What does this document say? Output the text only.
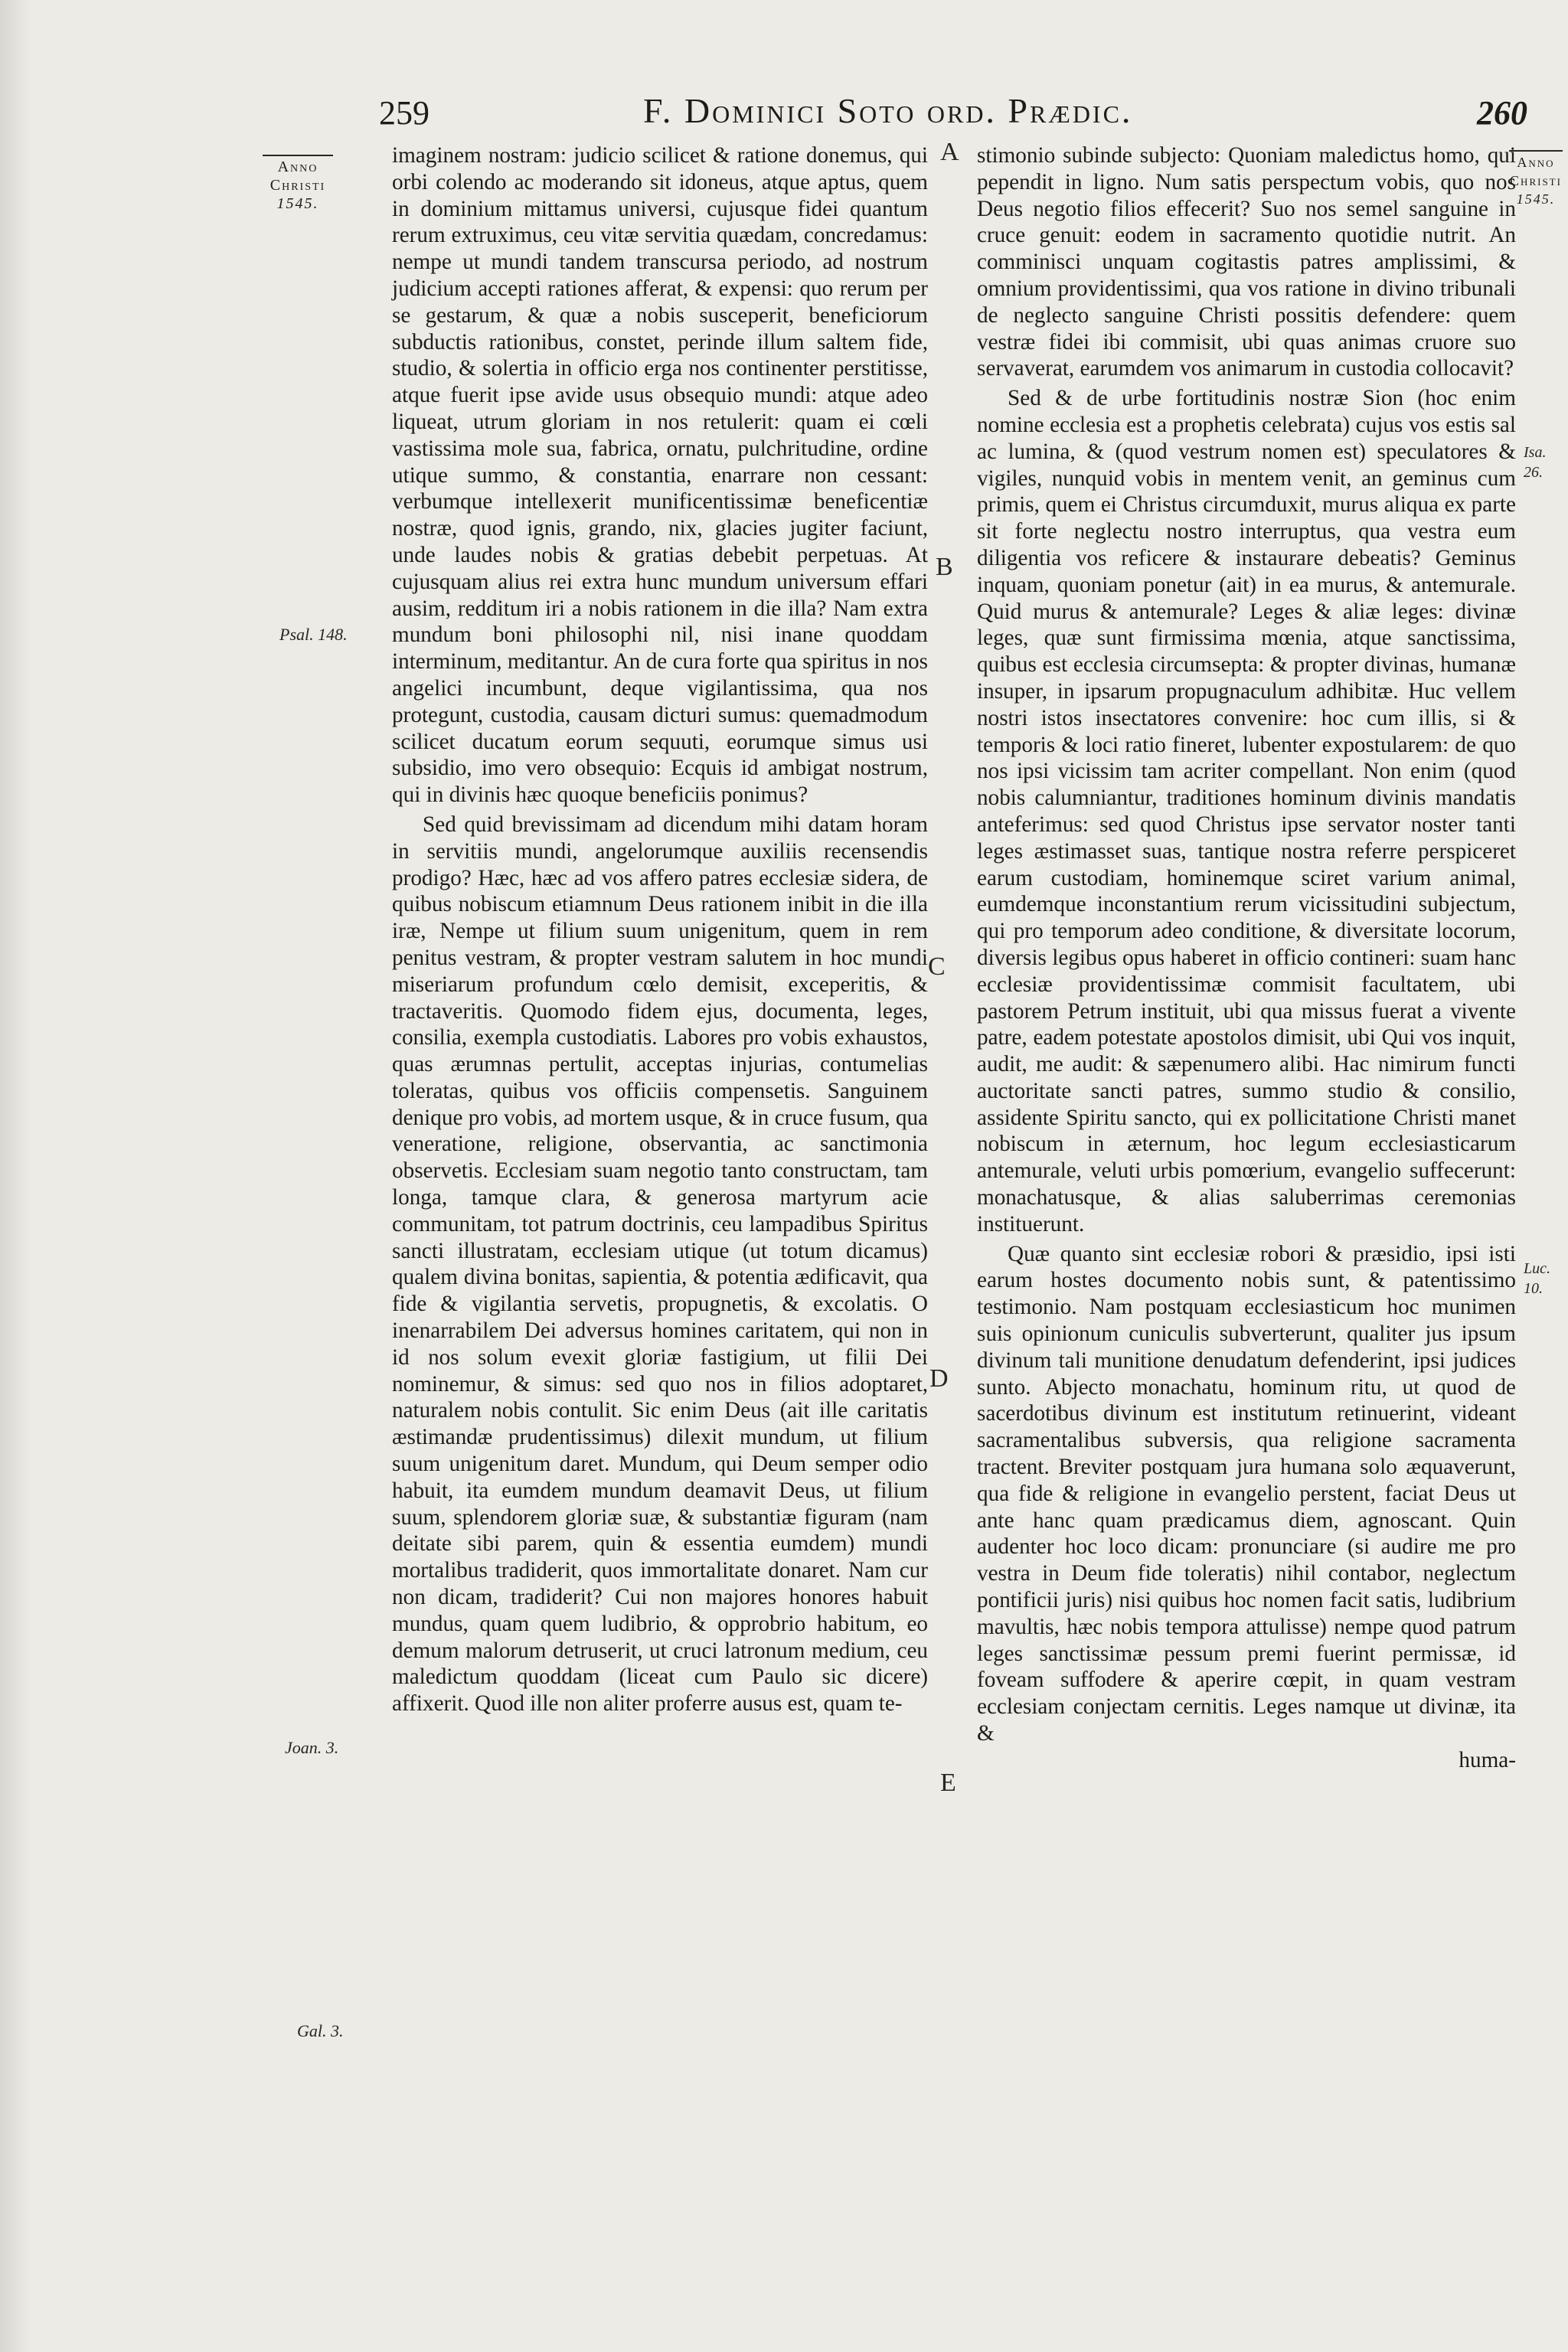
259	F. Dominici Soto ord. Prædic.	260
Anno
Christi
1545.
Anno
Christi
1545.
Psal. 148.
Joan. 3.
Gal. 3.
Isa. 26.
Luc. 10.
A
B
C
D
E

imaginem nostram: judicio scilicet & ratione donemus, qui orbi colendo ac moderando sit idoneus, atque aptus, quem in dominium mittamus universi, cujusque fidei quantum rerum extruximus, ceu vitæ servitia quædam, concredamus: nempe ut mundi tandem transcursa periodo, ad nostrum judicium accepti rationes afferat, & expensi: quo rerum per se gestarum, & quæ a nobis susceperit, beneficiorum subductis rationibus, constet, perinde illum saltem fide, studio, & solertia in officio erga nos continenter perstitisse, atque fuerit ipse avide usus obsequio mundi: atque adeo liqueat, utrum gloriam in nos retulerit: quam ei cœli vastissima mole sua, fabrica, ornatu, pulchritudine, ordine utique summo, & constantia, enarrare non cessant: verbumque intellexerit munificentissimæ beneficentiæ nostræ, quod ignis, grando, nix, glacies jugiter faciunt, unde laudes nobis & gratias debebit perpetuas. At cujusquam alius rei extra hunc mundum universum effari ausim, redditum iri a nobis rationem in die illa? Nam extra mundum boni philosophi nil, nisi inane quoddam interminum, meditantur. An de cura forte qua spiritus in nos angelici incumbunt, deque vigilantissima, qua nos protegunt, custodia, causam dicturi sumus: quemadmodum scilicet ducatum eorum sequuti, eorumque simus usi subsidio, imo vero obsequio: Ecquis id ambigat nostrum, qui in divinis hæc quoque beneficiis ponimus?

Sed quid brevissimam ad dicendum mihi datam horam in servitiis mundi, angelorumque auxiliis recensendis prodigo? Hæc, hæc ad vos affero patres ecclesiæ sidera, de quibus nobiscum etiamnum Deus rationem inibit in die illa iræ, Nempe ut filium suum unigenitum, quem in rem penitus vestram, & propter vestram salutem in hoc mundi miseriarum profundum cœlo demisit, exceperitis, & tractaveritis. Quomodo fidem ejus, documenta, leges, consilia, exempla custodiatis. Labores pro vobis exhaustos, quas ærumnas pertulit, acceptas injurias, contumelias toleratas, quibus vos officiis compensetis. Sanguinem denique pro vobis, ad mortem usque, & in cruce fusum, qua veneratione, religione, observantia, ac sanctimonia observetis. Ecclesiam suam negotio tanto constructam, tam longa, tamque clara, & generosa martyrum acie communitam, tot patrum doctrinis, ceu lampadibus Spiritus sancti illustratam, ecclesiam utique (ut totum dicamus) qualem divina bonitas, sapientia, & potentia ædificavit, qua fide & vigilantia servetis, propugnetis, & excolatis. O inenarrabilem Dei adversus homines caritatem, qui non in id nos solum evexit gloriæ fastigium, ut filii Dei nominemur, & simus: sed quo nos in filios adoptaret, naturalem nobis contulit. Sic enim Deus (ait ille caritatis æstimandæ prudentissimus) dilexit mundum, ut filium suum unigenitum daret. Mundum, qui Deum semper odio habuit, ita eumdem mundum deamavit Deus, ut filium suum, splendorem gloriæ suæ, & substantiæ figuram (nam deitate sibi parem, quin & essentia eumdem) mundi mortalibus tradiderit, quos immortalitate donaret. Nam cur non dicam, tradiderit? Cui non majores honores habuit mundus, quam quem ludibrio, & opprobrio habitum, eo demum malorum detruserit, ut cruci latronum medium, ceu maledictum quoddam (liceat cum Paulo sic dicere) affixerit. Quod ille non aliter proferre ausus est, quam te-

stimonio subinde subjecto: Quoniam maledictus homo, qui pependit in ligno. Num satis perspectum vobis, quo nos Deus negotio filios effecerit? Suo nos semel sanguine in cruce genuit: eodem in sacramento quotidie nutrit. An comminisci unquam cogitastis patres amplissimi, & omnium providentissimi, qua vos ratione in divino tribunali de neglecto sanguine Christi possitis defendere: quem vestræ fidei ibi commisit, ubi quas animas cruore suo servaverat, earumdem vos animarum in custodia collocavit?

Sed & de urbe fortitudinis nostræ Sion (hoc enim nomine ecclesia est a prophetis celebrata) cujus vos estis sal ac lumina, & (quod vestrum nomen est) speculatores & vigiles, nunquid vobis in mentem venit, an geminus cum primis, quem ei Christus circumduxit, murus aliqua ex parte sit forte neglectu nostro interruptus, qua vestra eum diligentia vos reficere & instaurare debeatis? Geminus inquam, quoniam ponetur (ait) in ea murus, & antemurale. Quid murus & antemurale? Leges & aliæ leges: divinæ leges, quæ sunt firmissima mœnia, atque sanctissima, quibus est ecclesia circumsepta: & propter divinas, humanæ insuper, in ipsarum propugnaculum adhibitæ. Huc vellem nostri istos insectatores convenire: hoc cum illis, si & temporis & loci ratio fineret, lubenter expostularem: de quo nos ipsi vicissim tam acriter compellant. Non enim (quod nobis calumniantur, traditiones hominum divinis mandatis anteferimus: sed quod Christus ipse servator noster tanti leges æstimasset suas, tantique nostra referre perspiceret earum custodiam, hominemque sciret varium animal, eumdemque inconstantium rerum vicissitudini subjectum, qui pro temporum adeo conditione, & diversitate locorum, diversis legibus opus haberet in officio contineri: suam hanc ecclesiæ providentissimæ commisit facultatem, ubi pastorem Petrum instituit, ubi qua missus fuerat a vivente patre, eadem potestate apostolos dimisit, ubi Qui vos inquit, audit, me audit: & sæpenumero alibi. Hac nimirum functi auctoritate sancti patres, summo studio & consilio, assidente Spiritu sancto, qui ex pollicitatione Christi manet nobiscum in æternum, hoc legum ecclesiasticarum antemurale, veluti urbis pomœrium, evangelio suffecerunt: monachatusque, & alias saluberrimas ceremonias instituerunt.

Quæ quanto sint ecclesiæ robori & præsidio, ipsi isti earum hostes documento nobis sunt, & patentissimo testimonio. Nam postquam ecclesiasticum hoc munimen suis opinionum cuniculis subverterunt, qualiter jus ipsum divinum tali munitione denudatum defenderint, ipsi judices sunto. Abjecto monachatu, hominum ritu, ut quod de sacerdotibus divinum est institutum retinuerint, videant sacramentalibus subversis, qua religione sacramenta tractent. Breviter postquam jura humana solo æquaverunt, qua fide & religione in evangelio perstent, faciat Deus ut ante hanc quam prædicamus diem, agnoscant. Quin audenter hoc loco dicam: pronunciare (si audire me pro vestra in Deum fide toleratis) nihil contabor, neglectum pontificii juris) nisi quibus hoc nomen facit satis, ludibrium mavultis, hæc nobis tempora attulisse) nempe quod patrum leges sanctissimæ pessum premi fuerint permissæ, id foveam suffodere & aperire cœpit, in quam vestram ecclesiam conjectam cernitis. Leges namque ut divinæ, ita &

huma-
